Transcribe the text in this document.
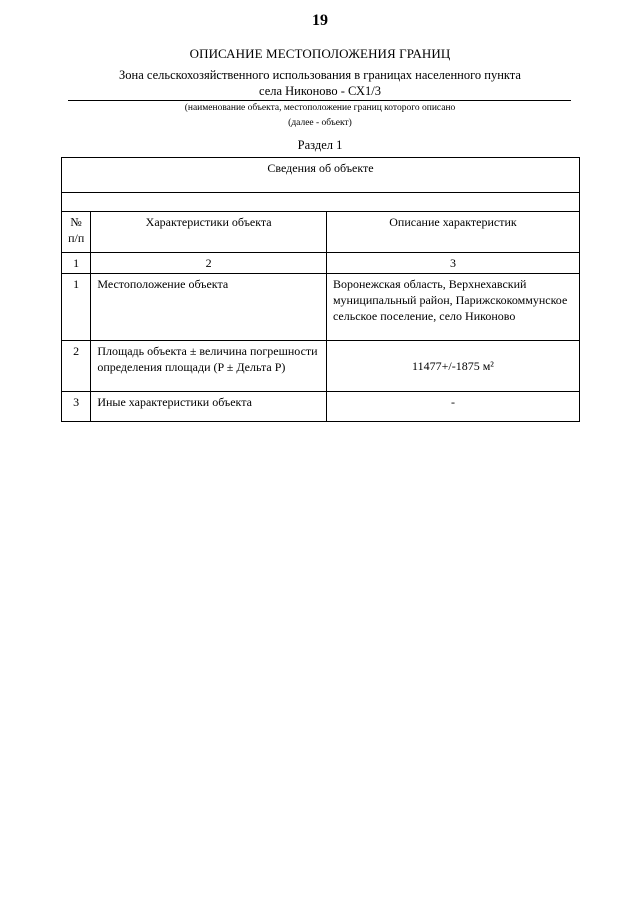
19
ОПИСАНИЕ МЕСТОПОЛОЖЕНИЯ ГРАНИЦ
Зона сельскохозяйственного использования в границах населенного пункта
села Никоново - СХ1/3
(наименование объекта, местоположение границ которого описано
(далее - объект)
Раздел 1
Сведения об объекте		

№
п/п	Характеристики объекта	Описание характеристик
1	2	3
1	Местоположение объекта	Воронежская область, Верхнехавский муниципальный район, Парижскокоммунское сельское поселение, село Никоново
2	Площадь объекта ± величина погрешности определения площади (P ± Дельта P)	11477+/-1875 м²
3	Иные характеристики объекта	-
